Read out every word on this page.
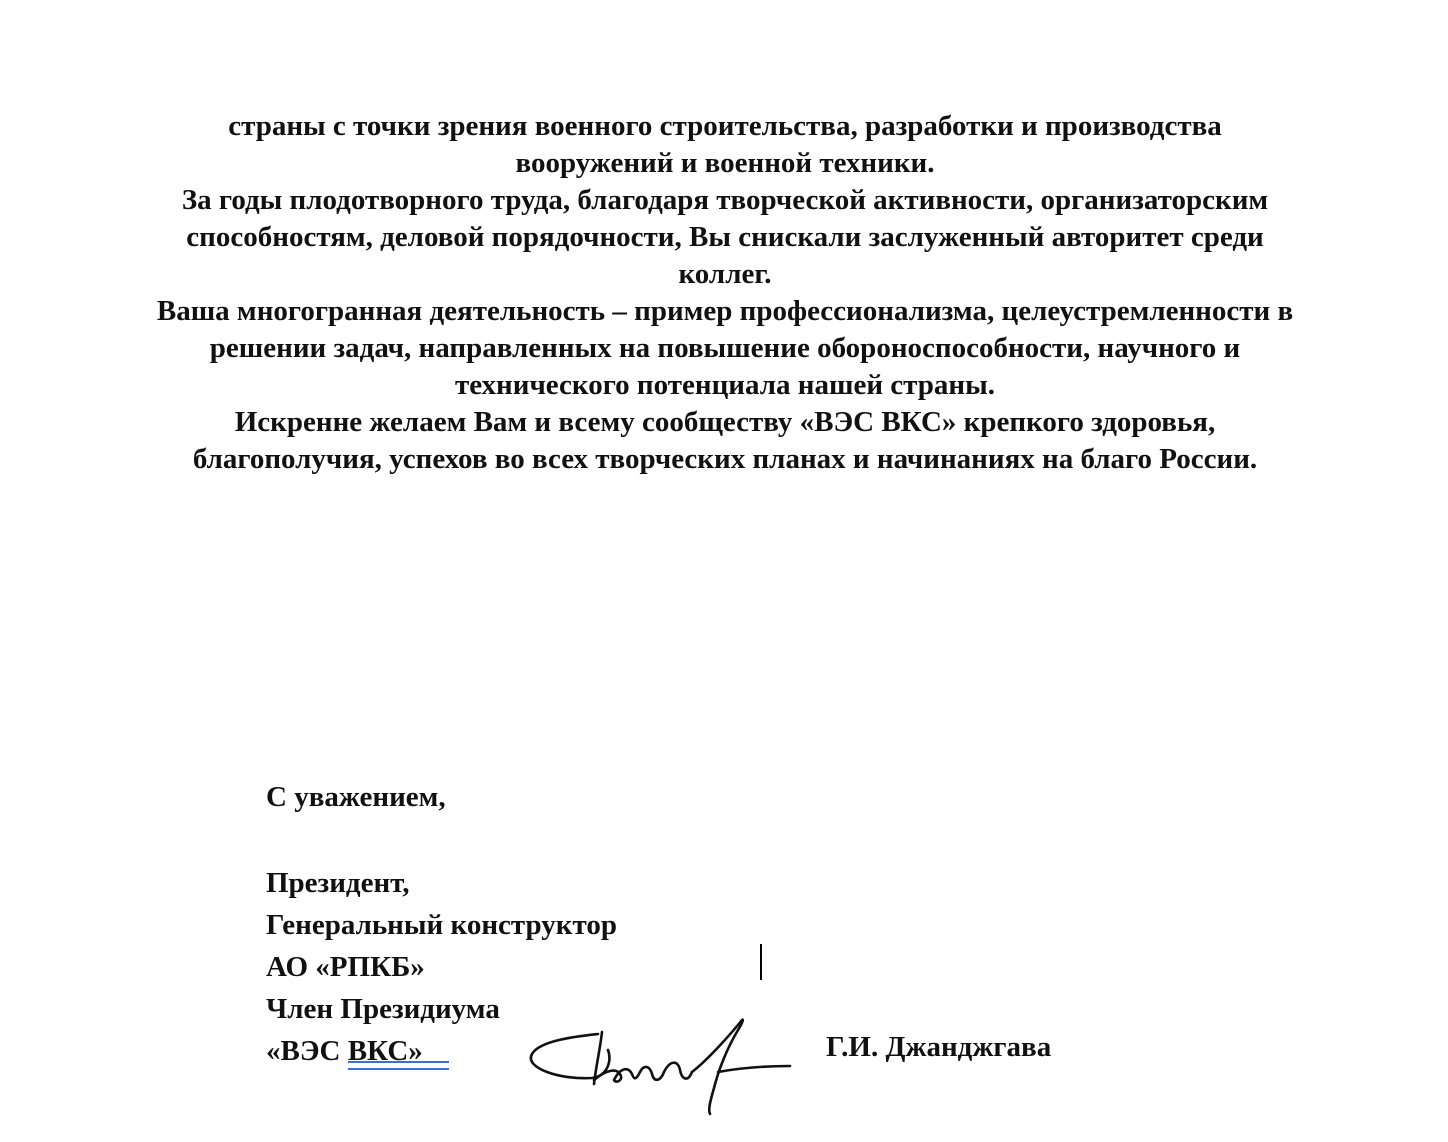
страны с точки зрения военного строительства, разработки и производства вооружений и военной техники.

За годы плодотворного труда, благодаря творческой активности, организаторским способностям, деловой порядочности, Вы снискали заслуженный авторитет среди коллег.

Ваша многогранная деятельность – пример профессионализма, целеустремленности в решении задач, направленных на повышение обороноспособности, научного и технического потенциала нашей страны.

Искренне желаем Вам и всему сообществу «ВЭС ВКС» крепкого здоровья, благополучия, успехов во всех творческих планах и начинаниях на благо России.

С уважением,
Президент,
Генеральный конструктор
АО «РПКБ»
Член Президиума
«ВЭС ВКС»	Г.И. Джанджгава
